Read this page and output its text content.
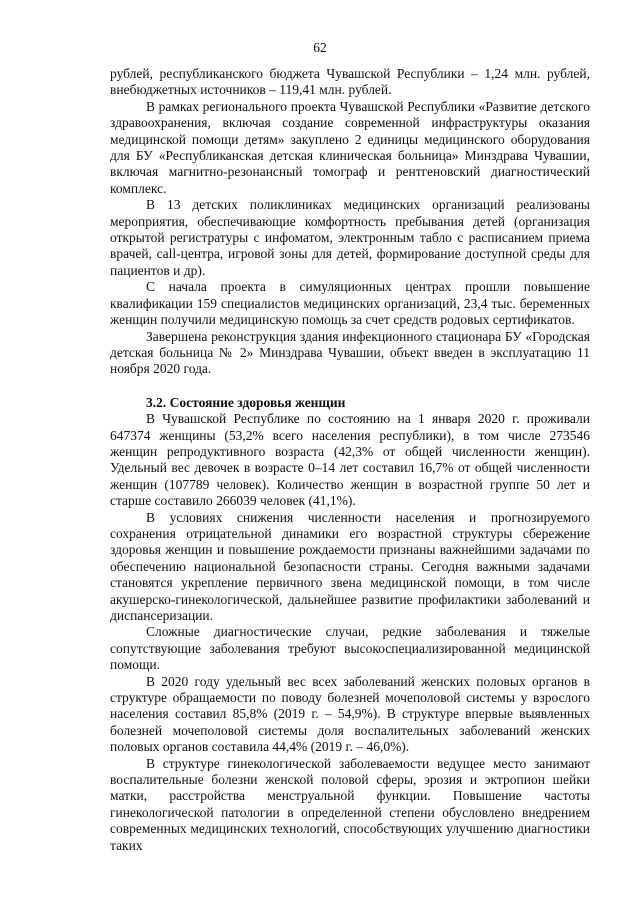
62

рублей, республиканского бюджета Чувашской Республики – 1,24 млн. рублей, внебюджетных источников – 119,41 млн. рублей.

В рамках регионального проекта Чувашской Республики «Развитие детского здравоохранения, включая создание современной инфраструктуры оказания медицинской помощи детям» закуплено 2 единицы медицинского оборудования для БУ «Республиканская детская клиническая больница» Минздрава Чувашии, включая магнитно-резонансный томограф и рентгеновский диагностический комплекс.

В 13 детских поликлиниках медицинских организаций реализованы мероприятия, обеспечивающие комфортность пребывания детей (организация открытой регистратуры с инфоматом, электронным табло с расписанием приема врачей, call-центра, игровой зоны для детей, формирование доступной среды для пациентов и др).

С начала проекта в симуляционных центрах прошли повышение квалификации 159 специалистов медицинских организаций, 23,4 тыс. беременных женщин получили медицинскую помощь за счет средств родовых сертификатов.

Завершена реконструкция здания инфекционного стационара БУ «Городская детская больница № 2» Минздрава Чувашии, объект введен в эксплуатацию 11 ноября 2020 года.

3.2. Состояние здоровья женщин

В Чувашской Республике по состоянию на 1 января 2020 г. проживали 647374 женщины (53,2% всего населения республики), в том числе 273546 женщин репродуктивного возраста (42,3% от общей численности женщин). Удельный вес девочек в возрасте 0–14 лет составил 16,7% от общей численности женщин (107789 человек). Количество женщин в возрастной группе 50 лет и старше составило 266039 человек (41,1%).

В условиях снижения численности населения и прогнозируемого сохранения отрицательной динамики его возрастной структуры сбережение здоровья женщин и повышение рождаемости признаны важнейшими задачами по обеспечению национальной безопасности страны. Сегодня важными задачами становятся укрепление первичного звена медицинской помощи, в том числе акушерско-гинекологической, дальнейшее развитие профилактики заболеваний и диспансеризации.

Сложные диагностические случаи, редкие заболевания и тяжелые сопутствующие заболевания требуют высокоспециализированной медицинской помощи.

В 2020 году удельный вес всех заболеваний женских половых органов в структуре обращаемости по поводу болезней мочеполовой системы у взрослого населения составил 85,8% (2019 г. – 54,9%). В структуре впервые выявленных болезней мочеполовой системы доля воспалительных заболеваний женских половых органов составила 44,4% (2019 г. – 46,0%).

В структуре гинекологической заболеваемости ведущее место занимают воспалительные болезни женской половой сферы, эрозия и эктропион шейки матки, расстройства менструальной функции. Повышение частоты гинекологической патологии в определенной степени обусловлено внедрением современных медицинских технологий, способствующих улучшению диагностики таких
